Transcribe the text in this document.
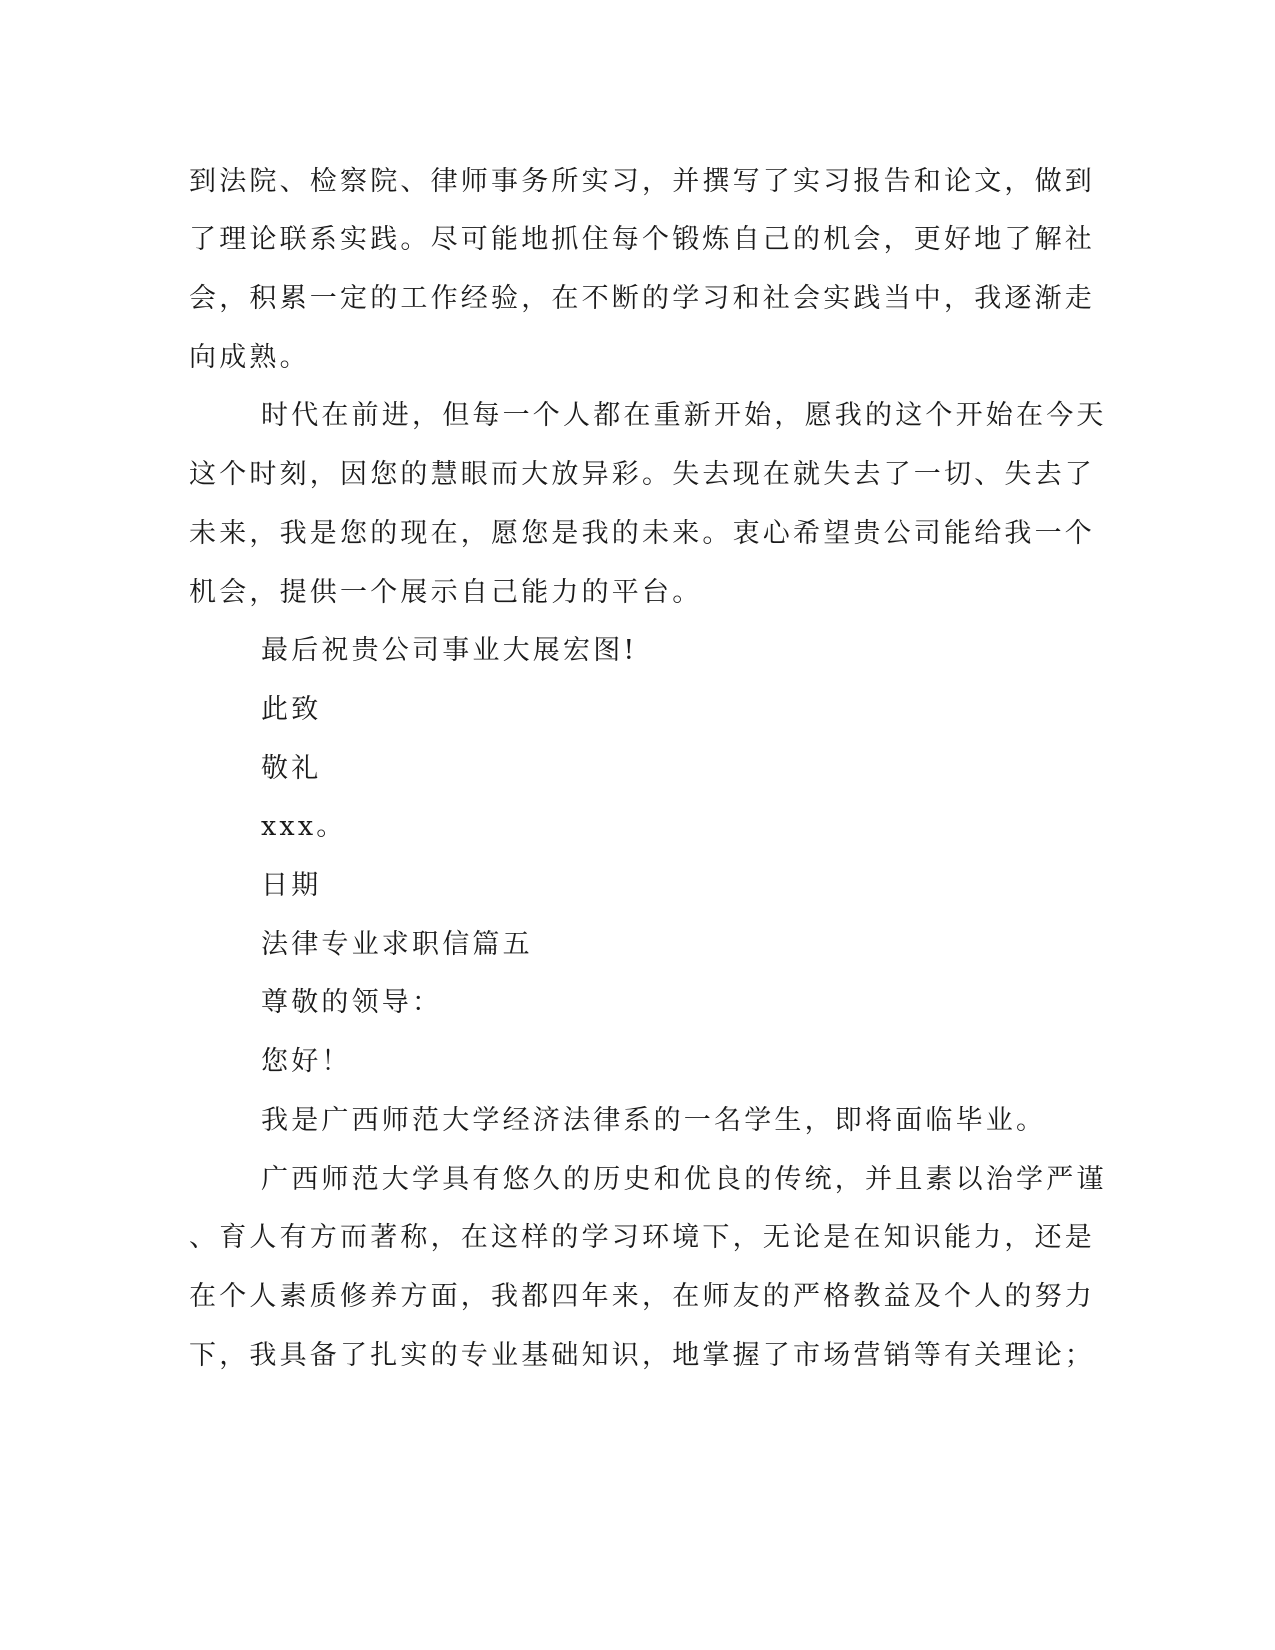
到法院、检察院、律师事务所实习，并撰写了实习报告和论文，做到
了理论联系实践。尽可能地抓住每个锻炼自己的机会，更好地了解社
会，积累一定的工作经验，在不断的学习和社会实践当中，我逐渐走
向成熟。
时代在前进，但每一个人都在重新开始，愿我的这个开始在今天
这个时刻，因您的慧眼而大放异彩。失去现在就失去了一切、失去了
未来，我是您的现在，愿您是我的未来。衷心希望贵公司能给我一个
机会，提供一个展示自己能力的平台。
最后祝贵公司事业大展宏图!
此致
敬礼
xxx。
日期
法律专业求职信篇五
尊敬的领导：
您好！
我是广西师范大学经济法律系的一名学生，即将面临毕业。
广西师范大学具有悠久的历史和优良的传统，并且素以治学严谨
、育人有方而著称，在这样的学习环境下，无论是在知识能力，还是
在个人素质修养方面，我都四年来，在师友的严格教益及个人的努力
下，我具备了扎实的专业基础知识，地掌握了市场营销等有关理论；
